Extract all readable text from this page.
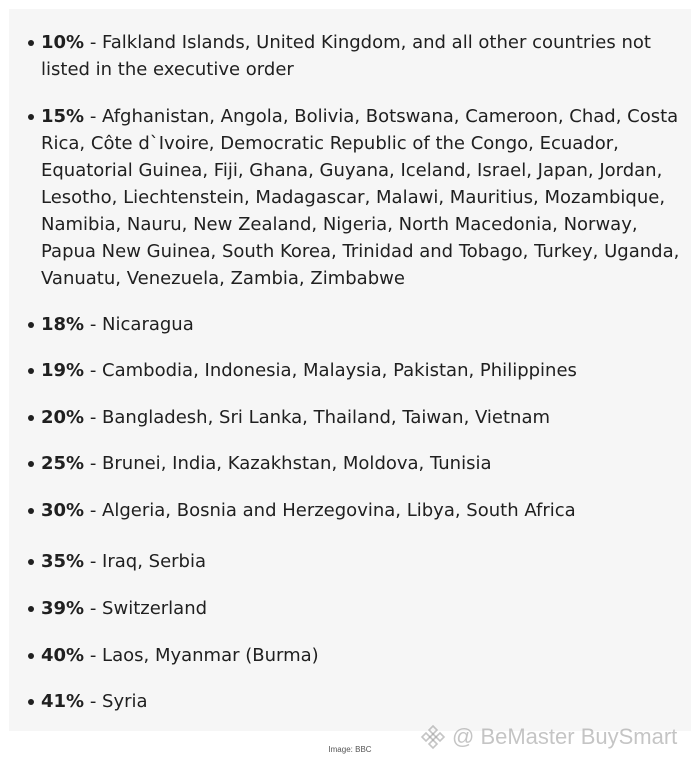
10% - Falkland Islands, United Kingdom, and all other countries not listed in the executive order
15% - Afghanistan, Angola, Bolivia, Botswana, Cameroon, Chad, Costa Rica, Côte d`Ivoire, Democratic Republic of the Congo, Ecuador, Equatorial Guinea, Fiji, Ghana, Guyana, Iceland, Israel, Japan, Jordan, Lesotho, Liechtenstein, Madagascar, Malawi, Mauritius, Mozambique, Namibia, Nauru, New Zealand, Nigeria, North Macedonia, Norway, Papua New Guinea, South Korea, Trinidad and Tobago, Turkey, Uganda, Vanuatu, Venezuela, Zambia, Zimbabwe
18% - Nicaragua
19% - Cambodia, Indonesia, Malaysia, Pakistan, Philippines
20% - Bangladesh, Sri Lanka, Thailand, Taiwan, Vietnam
25% - Brunei, India, Kazakhstan, Moldova, Tunisia
30% - Algeria, Bosnia and Herzegovina, Libya, South Africa
35% - Iraq, Serbia
39% - Switzerland
40% - Laos, Myanmar (Burma)
41% - Syria
@ BeMaster BuySmart
Image: BBC
